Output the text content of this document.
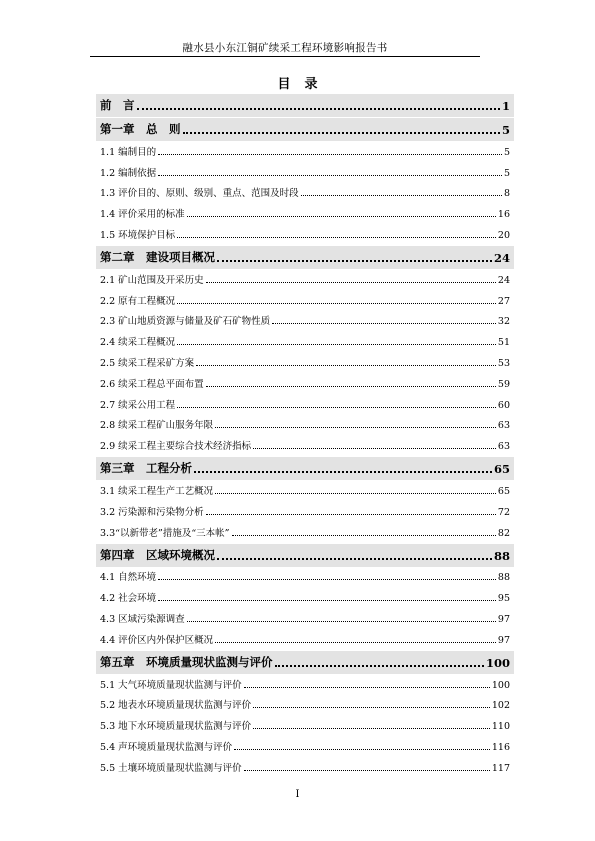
融水县小东江铜矿续采工程环境影响报告书
目录
前　言	1
第一章　总　则	5
1.1 编制目的	5
1.2 编制依据	5
1.3 评价目的、原则、级别、重点、范围及时段	8
1.4 评价采用的标准	16
1.5 环境保护目标	20
第二章　建设项目概况	24
2.1 矿山范围及开采历史	24
2.2 原有工程概况	27
2.3 矿山地质资源与储量及矿石矿物性质	32
2.4 续采工程概况	51
2.5 续采工程采矿方案	53
2.6 续采工程总平面布置	59
2.7 续采公用工程	60
2.8 续采工程矿山服务年限	63
2.9 续采工程主要综合技术经济指标	63
第三章　工程分析	65
3.1 续采工程生产工艺概况	65
3.2 污染源和污染物分析	72
3.3“以新带老”措施及“三本帐”	82
第四章　区域环境概况	88
4.1 自然环境	88
4.2 社会环境	95
4.3 区域污染源调查	97
4.4 评价区内外保护区概况	97
第五章　环境质量现状监测与评价	100
5.1 大气环境质量现状监测与评价	100
5.2 地表水环境质量现状监测与评价	102
5.3 地下水环境质量现状监测与评价	110
5.4 声环境质量现状监测与评价	116
5.5 土壤环境质量现状监测与评价	117
I
